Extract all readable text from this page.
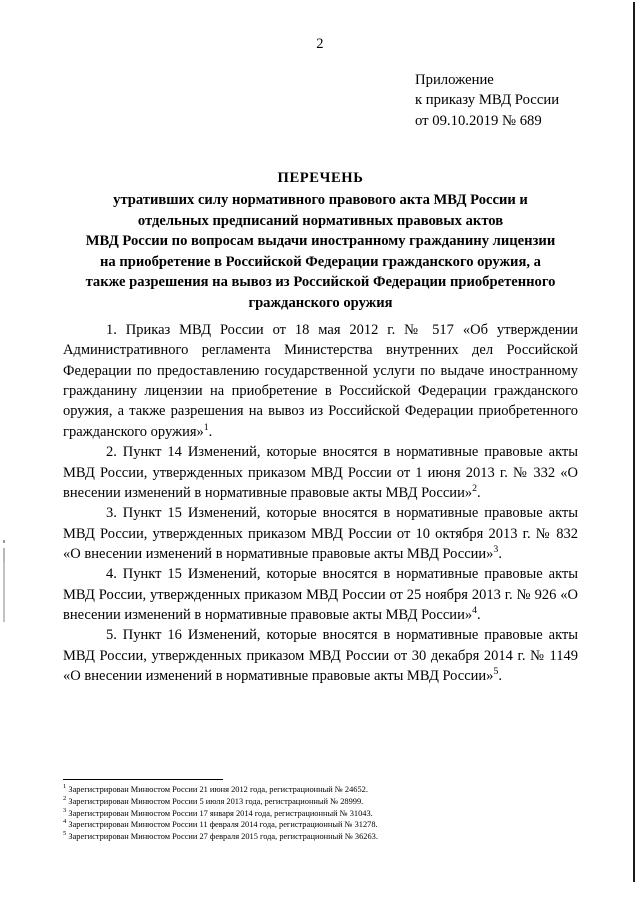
2
Приложение
к приказу МВД России
от 09.10.2019 № 689
ПЕРЕЧЕНЬ
утративших силу нормативного правового акта МВД России и
отдельных предписаний нормативных правовых актов
МВД России по вопросам выдачи иностранному гражданину лицензии
на приобретение в Российской Федерации гражданского оружия, а
также разрешения на вывоз из Российской Федерации приобретенного
гражданского оружия

1. Приказ МВД России от 18 мая 2012 г. № 517 «Об утверждении Административного регламента Министерства внутренних дел Российской Федерации по предоставлению государственной услуги по выдаче иностранному гражданину лицензии на приобретение в Российской Федерации гражданского оружия, а также разрешения на вывоз из Российской Федерации приобретенного гражданского оружия»$^1$.

2. Пункт 14 Изменений, которые вносятся в нормативные правовые акты МВД России, утвержденных приказом МВД России от 1 июня 2013 г. № 332 «О внесении изменений в нормативные правовые акты МВД России»$^2$.

3. Пункт 15 Изменений, которые вносятся в нормативные правовые акты МВД России, утвержденных приказом МВД России от 10 октября 2013 г. № 832 «О внесении изменений в нормативные правовые акты МВД России»$^3$.

4. Пункт 15 Изменений, которые вносятся в нормативные правовые акты МВД России, утвержденных приказом МВД России от 25 ноября 2013 г. № 926 «О внесении изменений в нормативные правовые акты МВД России»$^4$.

5. Пункт 16 Изменений, которые вносятся в нормативные правовые акты МВД России, утвержденных приказом МВД России от 30 декабря 2014 г. № 1149 «О внесении изменений в нормативные правовые акты МВД России»$^5$.

$^1$ Зарегистрирован Минюстом России 21 июня 2012 года, регистрационный № 24652.

$^2$ Зарегистрирован Минюстом России 5 июля 2013 года, регистрационный № 28999.

$^3$ Зарегистрирован Минюстом России 17 января 2014 года, регистрационный № 31043.

$^4$ Зарегистрирован Минюстом России 11 февраля 2014 года, регистрационный № 31278.

$^5$ Зарегистрирован Минюстом России 27 февраля 2015 года, регистрационный № 36263.
